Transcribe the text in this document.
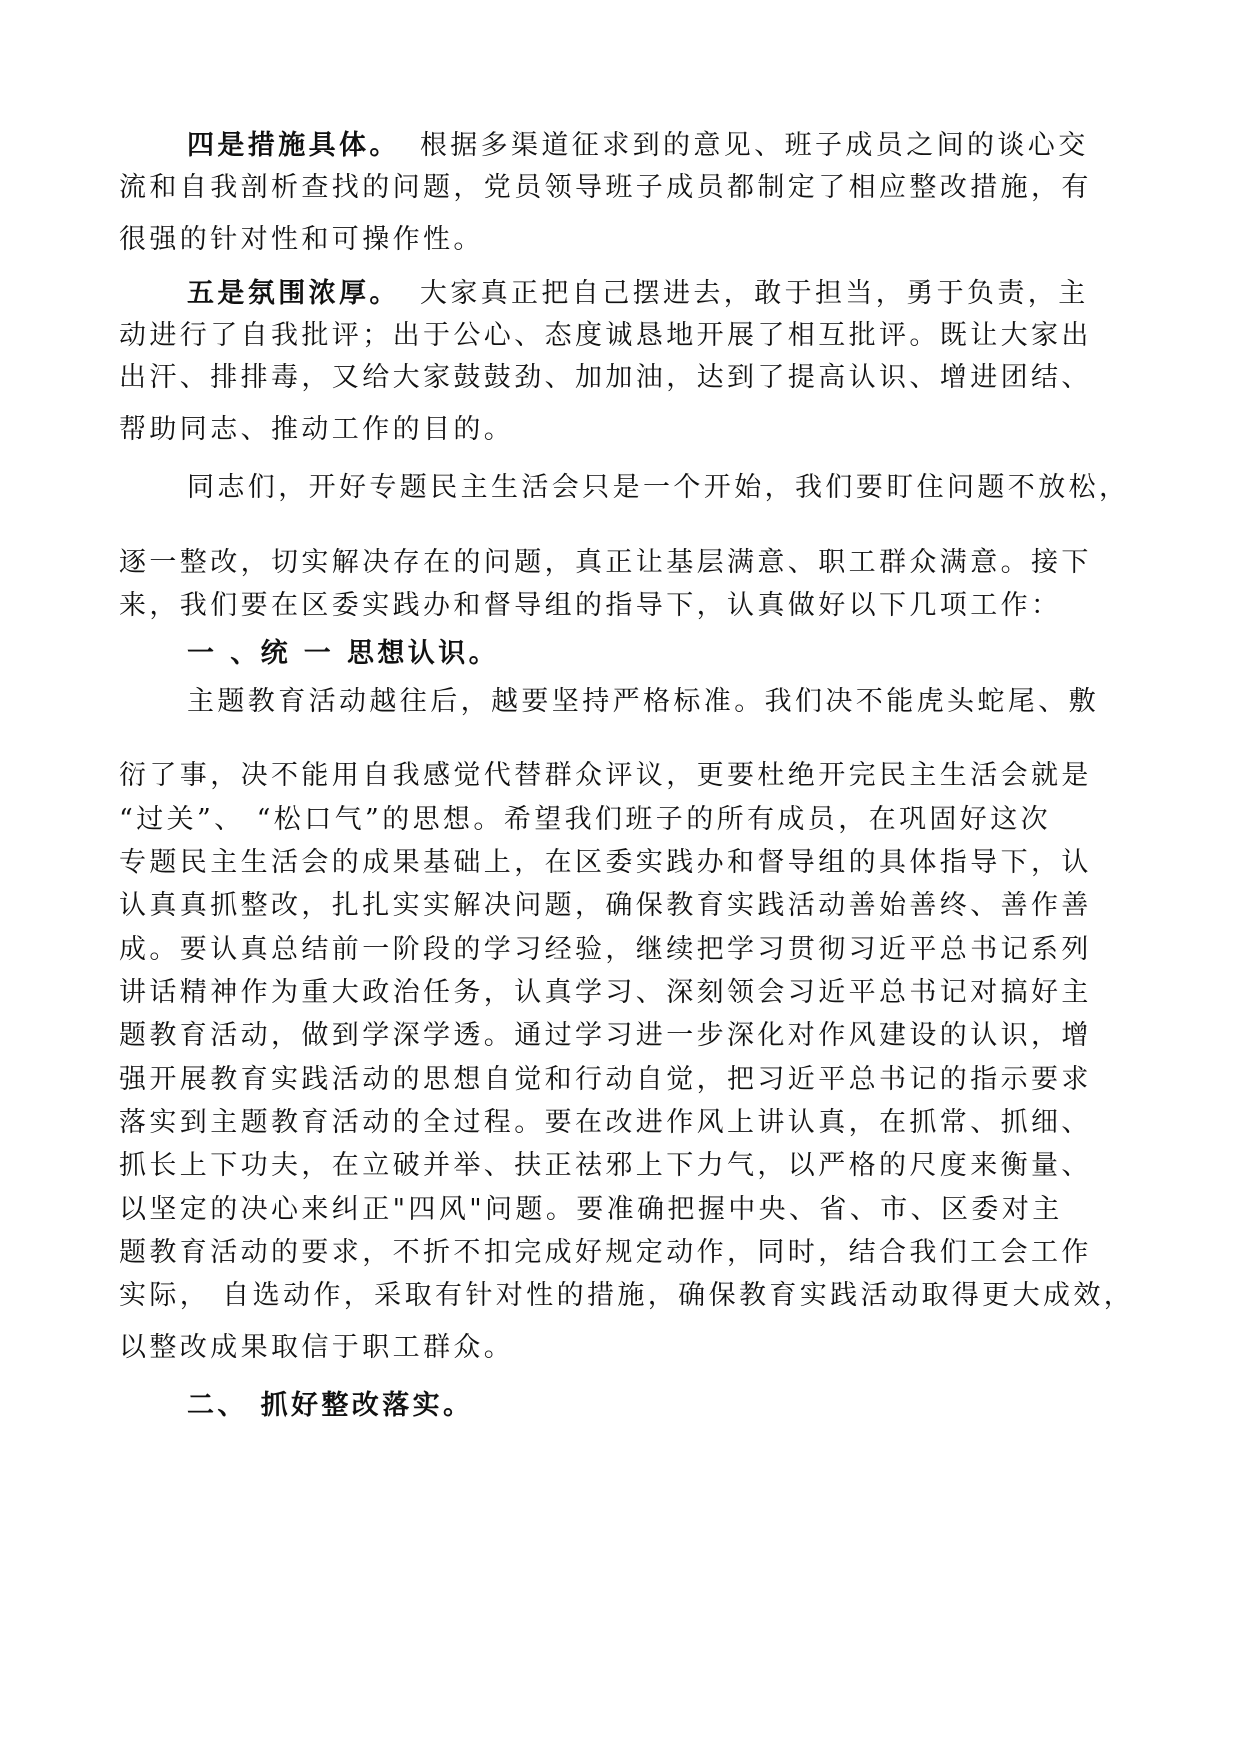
四是措施具体。 根据多渠道征求到的意见、班子成员之间的谈心交
流和自我剖析查找的问题，党员领导班子成员都制定了相应整改措施，有
很强的针对性和可操作性。
五是氛围浓厚。 大家真正把自己摆进去，敢于担当，勇于负责，主
动进行了自我批评；出于公心、态度诚恳地开展了相互批评。既让大家出
出汗、排排毒，又给大家鼓鼓劲、加加油，达到了提高认识、增进团结、
帮助同志、推动工作的目的。
同志们，开好专题民主生活会只是一个开始，我们要盯住问题不放松，
逐一整改，切实解决存在的问题，真正让基层满意、职工群众满意。接下
来，我们要在区委实践办和督导组的指导下，认真做好以下几项工作：
一 、统 一 思想认识。
主题教育活动越往后，越要坚持严格标准。我们决不能虎头蛇尾、敷
衍了事，决不能用自我感觉代替群众评议，更要杜绝开完民主生活会就是
“过关”、 “松口气”的思想。希望我们班子的所有成员，在巩固好这次
专题民主生活会的成果基础上，在区委实践办和督导组的具体指导下，认
认真真抓整改，扎扎实实解决问题，确保教育实践活动善始善终、善作善
成。要认真总结前一阶段的学习经验，继续把学习贯彻习近平总书记系列
讲话精神作为重大政治任务，认真学习、深刻领会习近平总书记对搞好主
题教育活动，做到学深学透。通过学习进一步深化对作风建设的认识，增
强开展教育实践活动的思想自觉和行动自觉，把习近平总书记的指示要求
落实到主题教育活动的全过程。要在改进作风上讲认真，在抓常、抓细、
抓长上下功夫，在立破并举、扶正祛邪上下力气，以严格的尺度来衡量、
以坚定的决心来纠正"四风"问题。要准确把握中央、省、市、区委对主
题教育活动的要求，不折不扣完成好规定动作，同时，结合我们工会工作
实际， 自选动作，采取有针对性的措施，确保教育实践活动取得更大成效，
以整改成果取信于职工群众。
二、 抓好整改落实。
